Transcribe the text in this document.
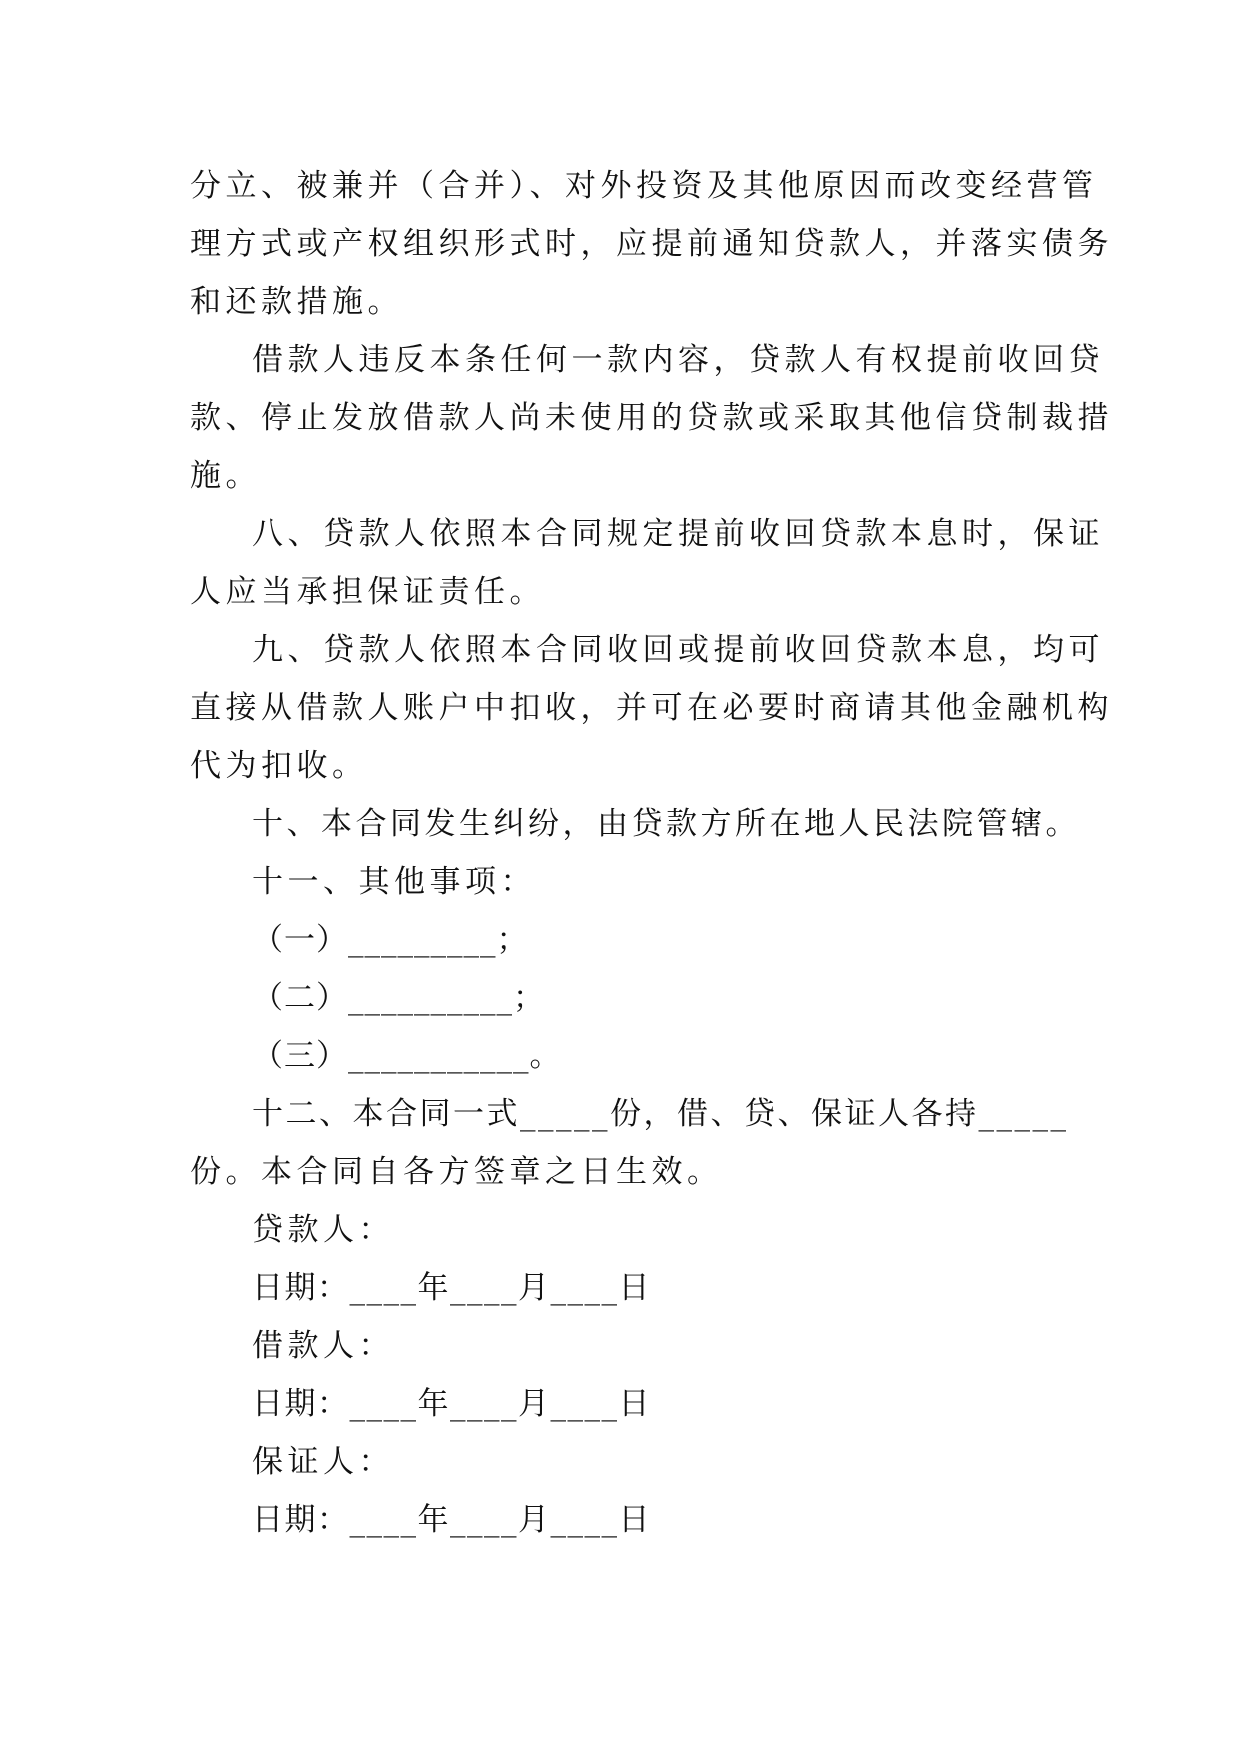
分立、被兼并（合并）、对外投资及其他原因而改变经营管
理方式或产权组织形式时，应提前通知贷款人，并落实债务
和还款措施。
借款人违反本条任何一款内容，贷款人有权提前收回贷
款、停止发放借款人尚未使用的贷款或采取其他信贷制裁措
施。
八、贷款人依照本合同规定提前收回贷款本息时，保证
人应当承担保证责任。
九、贷款人依照本合同收回或提前收回贷款本息，均可
直接从借款人账户中扣收，并可在必要时商请其他金融机构
代为扣收。
十、本合同发生纠纷，由贷款方所在地人民法院管辖。
十一、其他事项：
（一）_________；
（二）__________；
（三）___________。
十二、本合同一式_____份，借、贷、保证人各持_____
份。本合同自各方签章之日生效。
贷款人：
日期：____年____月____日
借款人：
日期：____年____月____日
保证人：
日期：____年____月____日
